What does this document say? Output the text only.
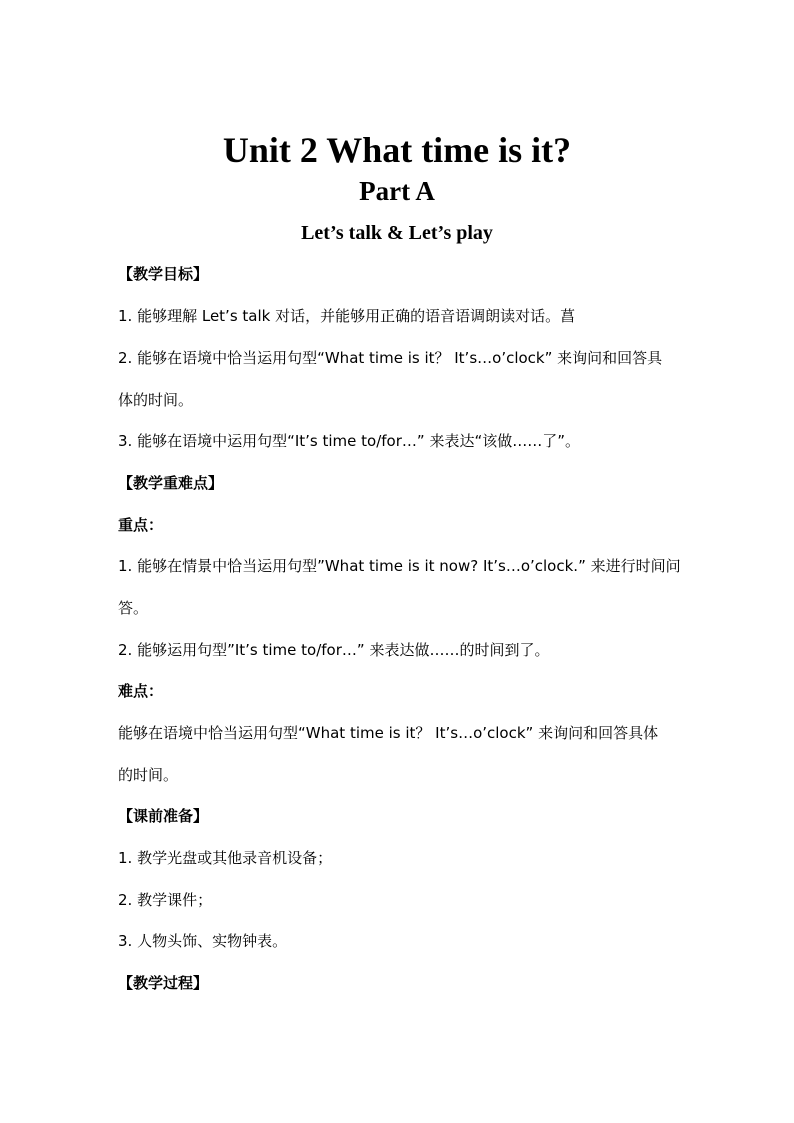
Unit 2 What time is it?
Part A
Let’s talk & Let’s play
【教学目标】
1. 能够理解 Let’s talk 对话，并能够用正确的语音语调朗读对话。菖
2. 能够在语境中恰当运用句型“What time is it？ It’s…o’clock” 来询问和回答具
体的时间。
3. 能够在语境中运用句型“It’s time to/for…” 来表达“该做……了”。
【教学重难点】
重点：
1. 能够在情景中恰当运用句型”What time is it now? It’s…o’clock.” 来进行时间问
答。
2. 能够运用句型”It’s time to/for…” 来表达做……的时间到了。
难点：
能够在语境中恰当运用句型“What time is it？ It’s…o’clock” 来询问和回答具体
的时间。
【课前准备】
1. 教学光盘或其他录音机设备；
2. 教学课件；
3. 人物头饰、实物钟表。
【教学过程】
